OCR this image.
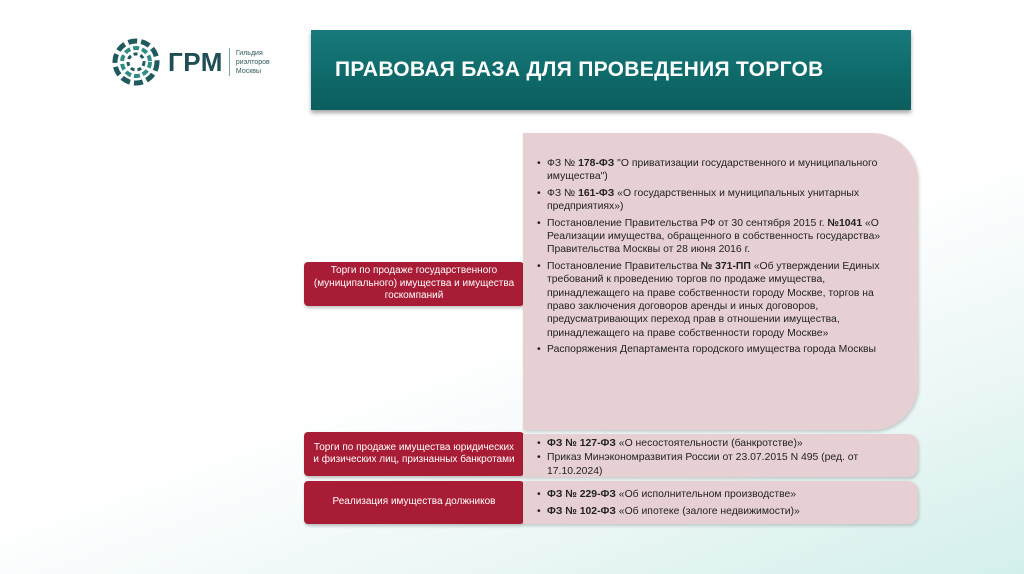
ГРМ Гильдия
риэлторов
Москвы	ПРАВОВАЯ БАЗА ДЛЯ ПРОВЕДЕНИЯ ТОРГОВ
Торги по продаже государственного (муниципального) имущества и имущества госкомпаний
• ФЗ № 178-ФЗ "О приватизации государственного и муниципального имущества")
• ФЗ № 161-ФЗ «О государственных и муниципальных унитарных предприятиях»)
• Постановление Правительства РФ от 30 сентября 2015 г. №1041 «О Реализации имущества, обращенного в собственность государства» Правительства Москвы от 28 июня 2016 г.
• Постановление Правительства № 371-ПП «Об утверждении Единых требований к проведению торгов по продаже имущества, принадлежащего на праве собственности городу Москве, торгов на право заключения договоров аренды и иных договоров, предусматривающих переход прав в отношении имущества, принадлежащего на праве собственности городу Москве»
• Распоряжения Департамента городского имущества города Москвы
Торги по продаже имущества юридических и физических лиц, признанных банкротами
• ФЗ № 127-ФЗ «О несостоятельности (банкротстве)»
• Приказ Минэкономразвития России от 23.07.2015 N 495 (ред. от 17.10.2024)
Реализация имущества должников
• ФЗ № 229-ФЗ «Об исполнительном производстве»
• ФЗ № 102-ФЗ «Об ипотеке (залоге недвижимости)»
